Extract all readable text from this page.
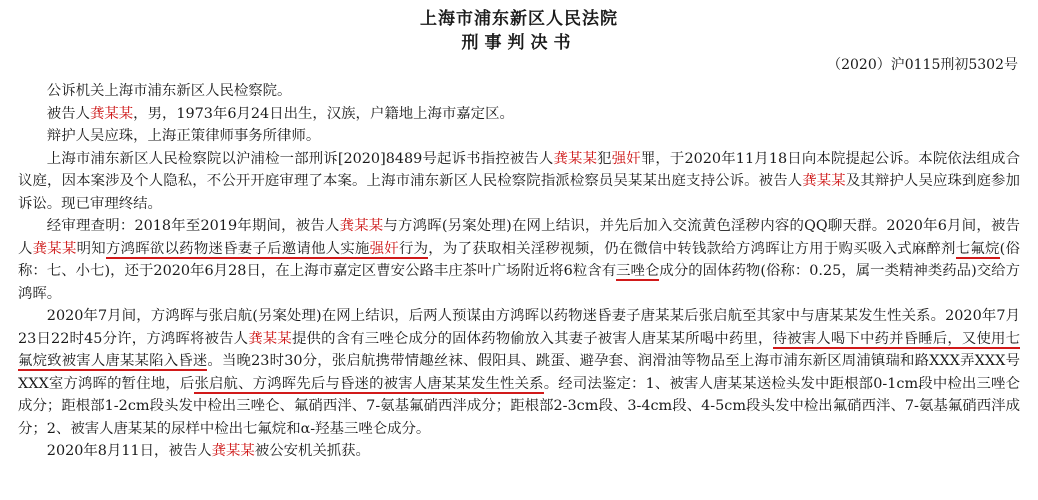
上海市浦东新区人民法院
刑事判决书
（2020）沪0115刑初5302号

公诉机关上海市浦东新区人民检察院。

被告人龚某某，男，1973年6月24日出生，汉族，户籍地上海市嘉定区。

辩护人吴应珠，上海正策律师事务所律师。

上海市浦东新区人民检察院以沪浦检一部刑诉[2020]8489号起诉书指控被告人龚某某犯强奸罪，于2020年11月18日向本院提起公诉。本院依法组成合议庭，因本案涉及个人隐私，不公开开庭审理了本案。上海市浦东新区人民检察院指派检察员吴某某出庭支持公诉。被告人龚某某及其辩护人吴应珠到庭参加诉讼。现已审理终结。

经审理查明：2018年至2019年期间，被告人龚某某与方鸿晖(另案处理)在网上结识，并先后加入交流黄色淫秽内容的QQ聊天群。2020年6月间，被告人龚某某明知方鸿晖欲以药物迷昏妻子后邀请他人实施强奸行为，为了获取相关淫秽视频，仍在微信中转钱款给方鸿晖让方用于购买吸入式麻醉剂七氟烷(俗称：七、小七)，还于2020年6月28日，在上海市嘉定区曹安公路丰庄茶叶广场附近将6粒含有三唑仑成分的固体药物(俗称：0.25，属一类精神类药品)交给方鸿晖。

2020年7月间，方鸿晖与张启航(另案处理)在网上结识，后两人预谋由方鸿晖以药物迷昏妻子唐某某后张启航至其家中与唐某某发生性关系。2020年7月23日22时45分许，方鸿晖将被告人龚某某提供的含有三唑仑成分的固体药物偷放入其妻子被害人唐某某所喝中药里，待被害人喝下中药并昏睡后，又使用七氟烷致被害人唐某某陷入昏迷。当晚23时30分，张启航携带情趣丝袜、假阳具、跳蛋、避孕套、润滑油等物品至上海市浦东新区周浦镇瑞和路XXX弄XXX号XXX室方鸿晖的暂住地，后张启航、方鸿晖先后与昏迷的被害人唐某某发生性关系。经司法鉴定：1、被害人唐某某送检头发中距根部0-1cm段中检出三唑仑成分；距根部1-2cm段头发中检出三唑仑、氟硝西泮、7-氨基氟硝西泮成分；距根部2-3cm段、3-4cm段、4-5cm段头发中检出氟硝西泮、7-氨基氟硝西泮成分；2、被害人唐某某的尿样中检出七氟烷和α-羟基三唑仑成分。

2020年8月11日，被告人龚某某被公安机关抓获。
